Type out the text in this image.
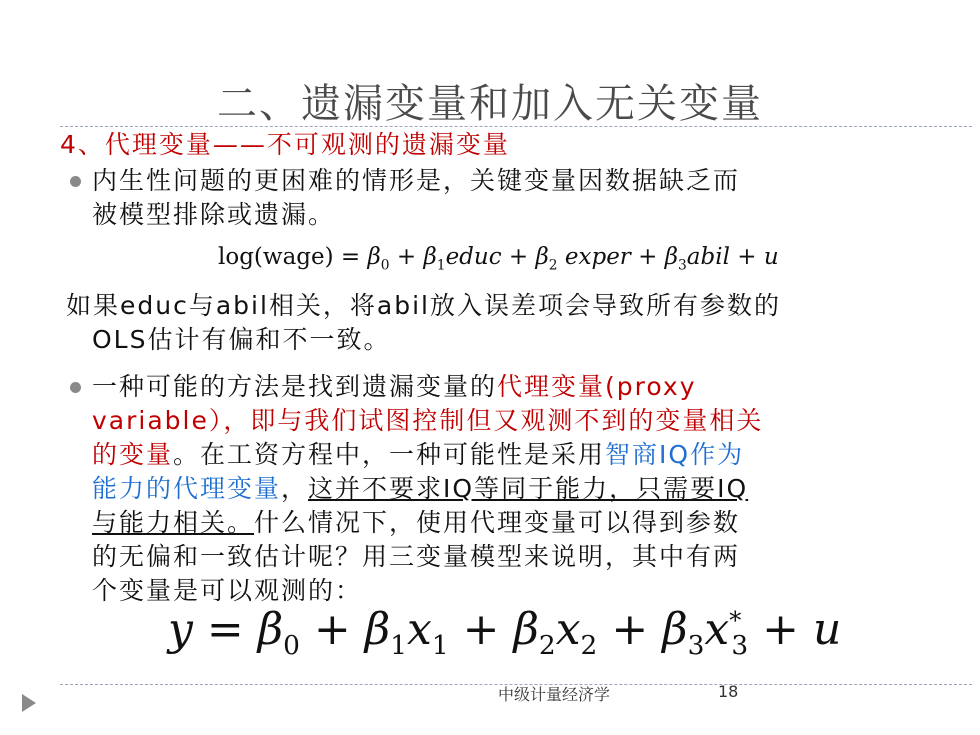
二、遗漏变量和加入无关变量
4、代理变量——不可观测的遗漏变量
内生性问题的更困难的情形是，关键变量因数据缺乏而
被模型排除或遗漏。
log(wage) = $\beta_0$ + $\beta_1educ + \beta_2$ exper + $\beta_3abil + u$
如果educ与abil相关，将abil放入误差项会导致所有参数的
OLS估计有偏和不一致。
一种可能的方法是找到遗漏变量的代理变量(proxy
variable），即与我们试图控制但又观测不到的变量相关
的变量。在工资方程中，一种可能性是采用智商IQ作为
能力的代理变量，这并不要求IQ等同于能力，只需要IQ
与能力相关。什么情况下，使用代理变量可以得到参数
的无偏和一致估计呢？用三变量模型来说明，其中有两
个变量是可以观测的：
$y = \beta_0 + \beta_1x_1 + \beta_2x_2 + \beta_3x^*_3 + u$
中级计量经济学	18
